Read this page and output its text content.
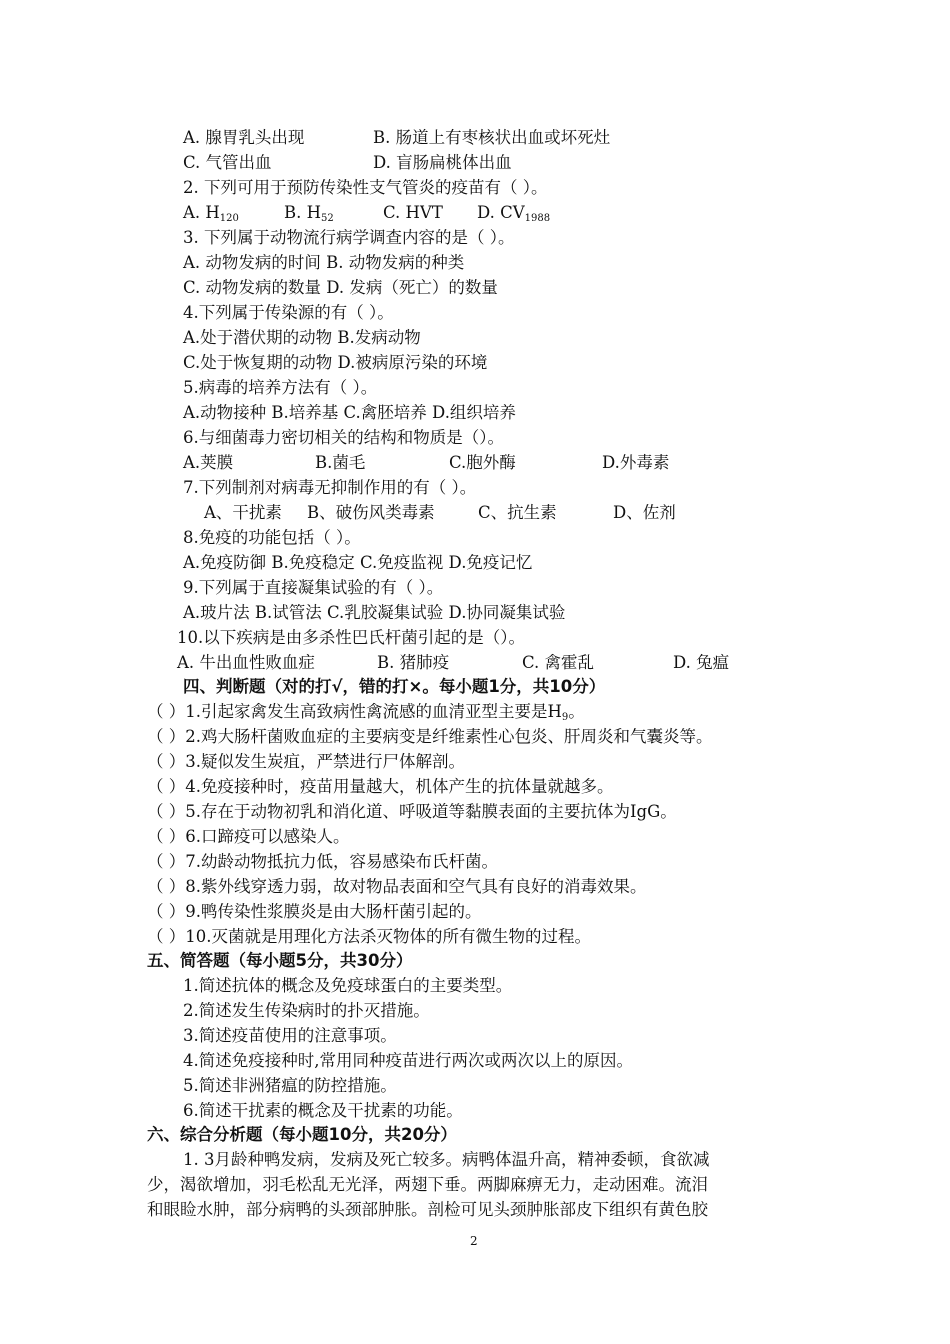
A. 腺胃乳头出现	B. 肠道上有枣核状出血或坏死灶
C. 气管出血	D. 盲肠扁桃体出血
2. 下列可用于预防传染性支气管炎的疫苗有（ ）。
A. $H_{120}$	B. $H_{52}$	C. HVT D. $CV_{1988}$
3. 下列属于动物流行病学调查内容的是（ ）。
A. 动物发病的时间 B. 动物发病的种类
C. 动物发病的数量 D. 发病（死亡）的数量
4.下列属于传染源的有（ ）。
A.处于潜伏期的动物 B.发病动物
C.处于恢复期的动物 D.被病原污染的环境
5.病毒的培养方法有（ ）。
A.动物接种 B.培养基 C.禽胚培养 D.组织培养
6.与细菌毒力密切相关的结构和物质是（）。
A.荚膜	B.菌毛	C.胞外酶	D.外毒素
7.下列制剂对病毒无抑制作用的有（ ）。
A、干扰素 B、破伤风类毒素	C、抗生素	D、佐剂
8.免疫的功能包括（ ）。
A.免疫防御 B.免疫稳定 C.免疫监视 D.免疫记忆
9.下列属于直接凝集试验的有（ ）。
A.玻片法 B.试管法 C.乳胶凝集试验 D.协同凝集试验
10.以下疾病是由多杀性巴氏杆菌引起的是（）。
A. 牛出血性败血症	B. 猪肺疫	C. 禽霍乱	D. 兔瘟
四、判断题（对的打√，错的打×。每小题1分，共10分）
（ ）1.引起家禽发生高致病性禽流感的血清亚型主要是$H_9$。
（ ）2.鸡大肠杆菌败血症的主要病变是纤维素性心包炎、肝周炎和气囊炎等。
（ ）3.疑似发生炭疽，严禁进行尸体解剖。
（ ）4.免疫接种时，疫苗用量越大，机体产生的抗体量就越多。
（ ）5.存在于动物初乳和消化道、呼吸道等黏膜表面的主要抗体为IgG。
（ ）6.口蹄疫可以感染人。
（ ）7.幼龄动物抵抗力低，容易感染布氏杆菌。
（ ）8.紫外线穿透力弱，故对物品表面和空气具有良好的消毒效果。
（ ）9.鸭传染性浆膜炎是由大肠杆菌引起的。
（ ）10.灭菌就是用理化方法杀灭物体的所有微生物的过程。
五、简答题（每小题5分，共30分）
1.简述抗体的概念及免疫球蛋白的主要类型。
2.简述发生传染病时的扑灭措施。
3.简述疫苗使用的注意事项。
4.简述免疫接种时,常用同种疫苗进行两次或两次以上的原因。
5.简述非洲猪瘟的防控措施。
6.简述干扰素的概念及干扰素的功能。
六、综合分析题（每小题10分，共20分）
1. 3月龄种鸭发病，发病及死亡较多。病鸭体温升高，精神委顿，食欲减
少，渴欲增加，羽毛松乱无光泽，两翅下垂。两脚麻痹无力，走动困难。流泪
和眼睑水肿，部分病鸭的头颈部肿胀。剖检可见头颈肿胀部皮下组织有黄色胶
2
